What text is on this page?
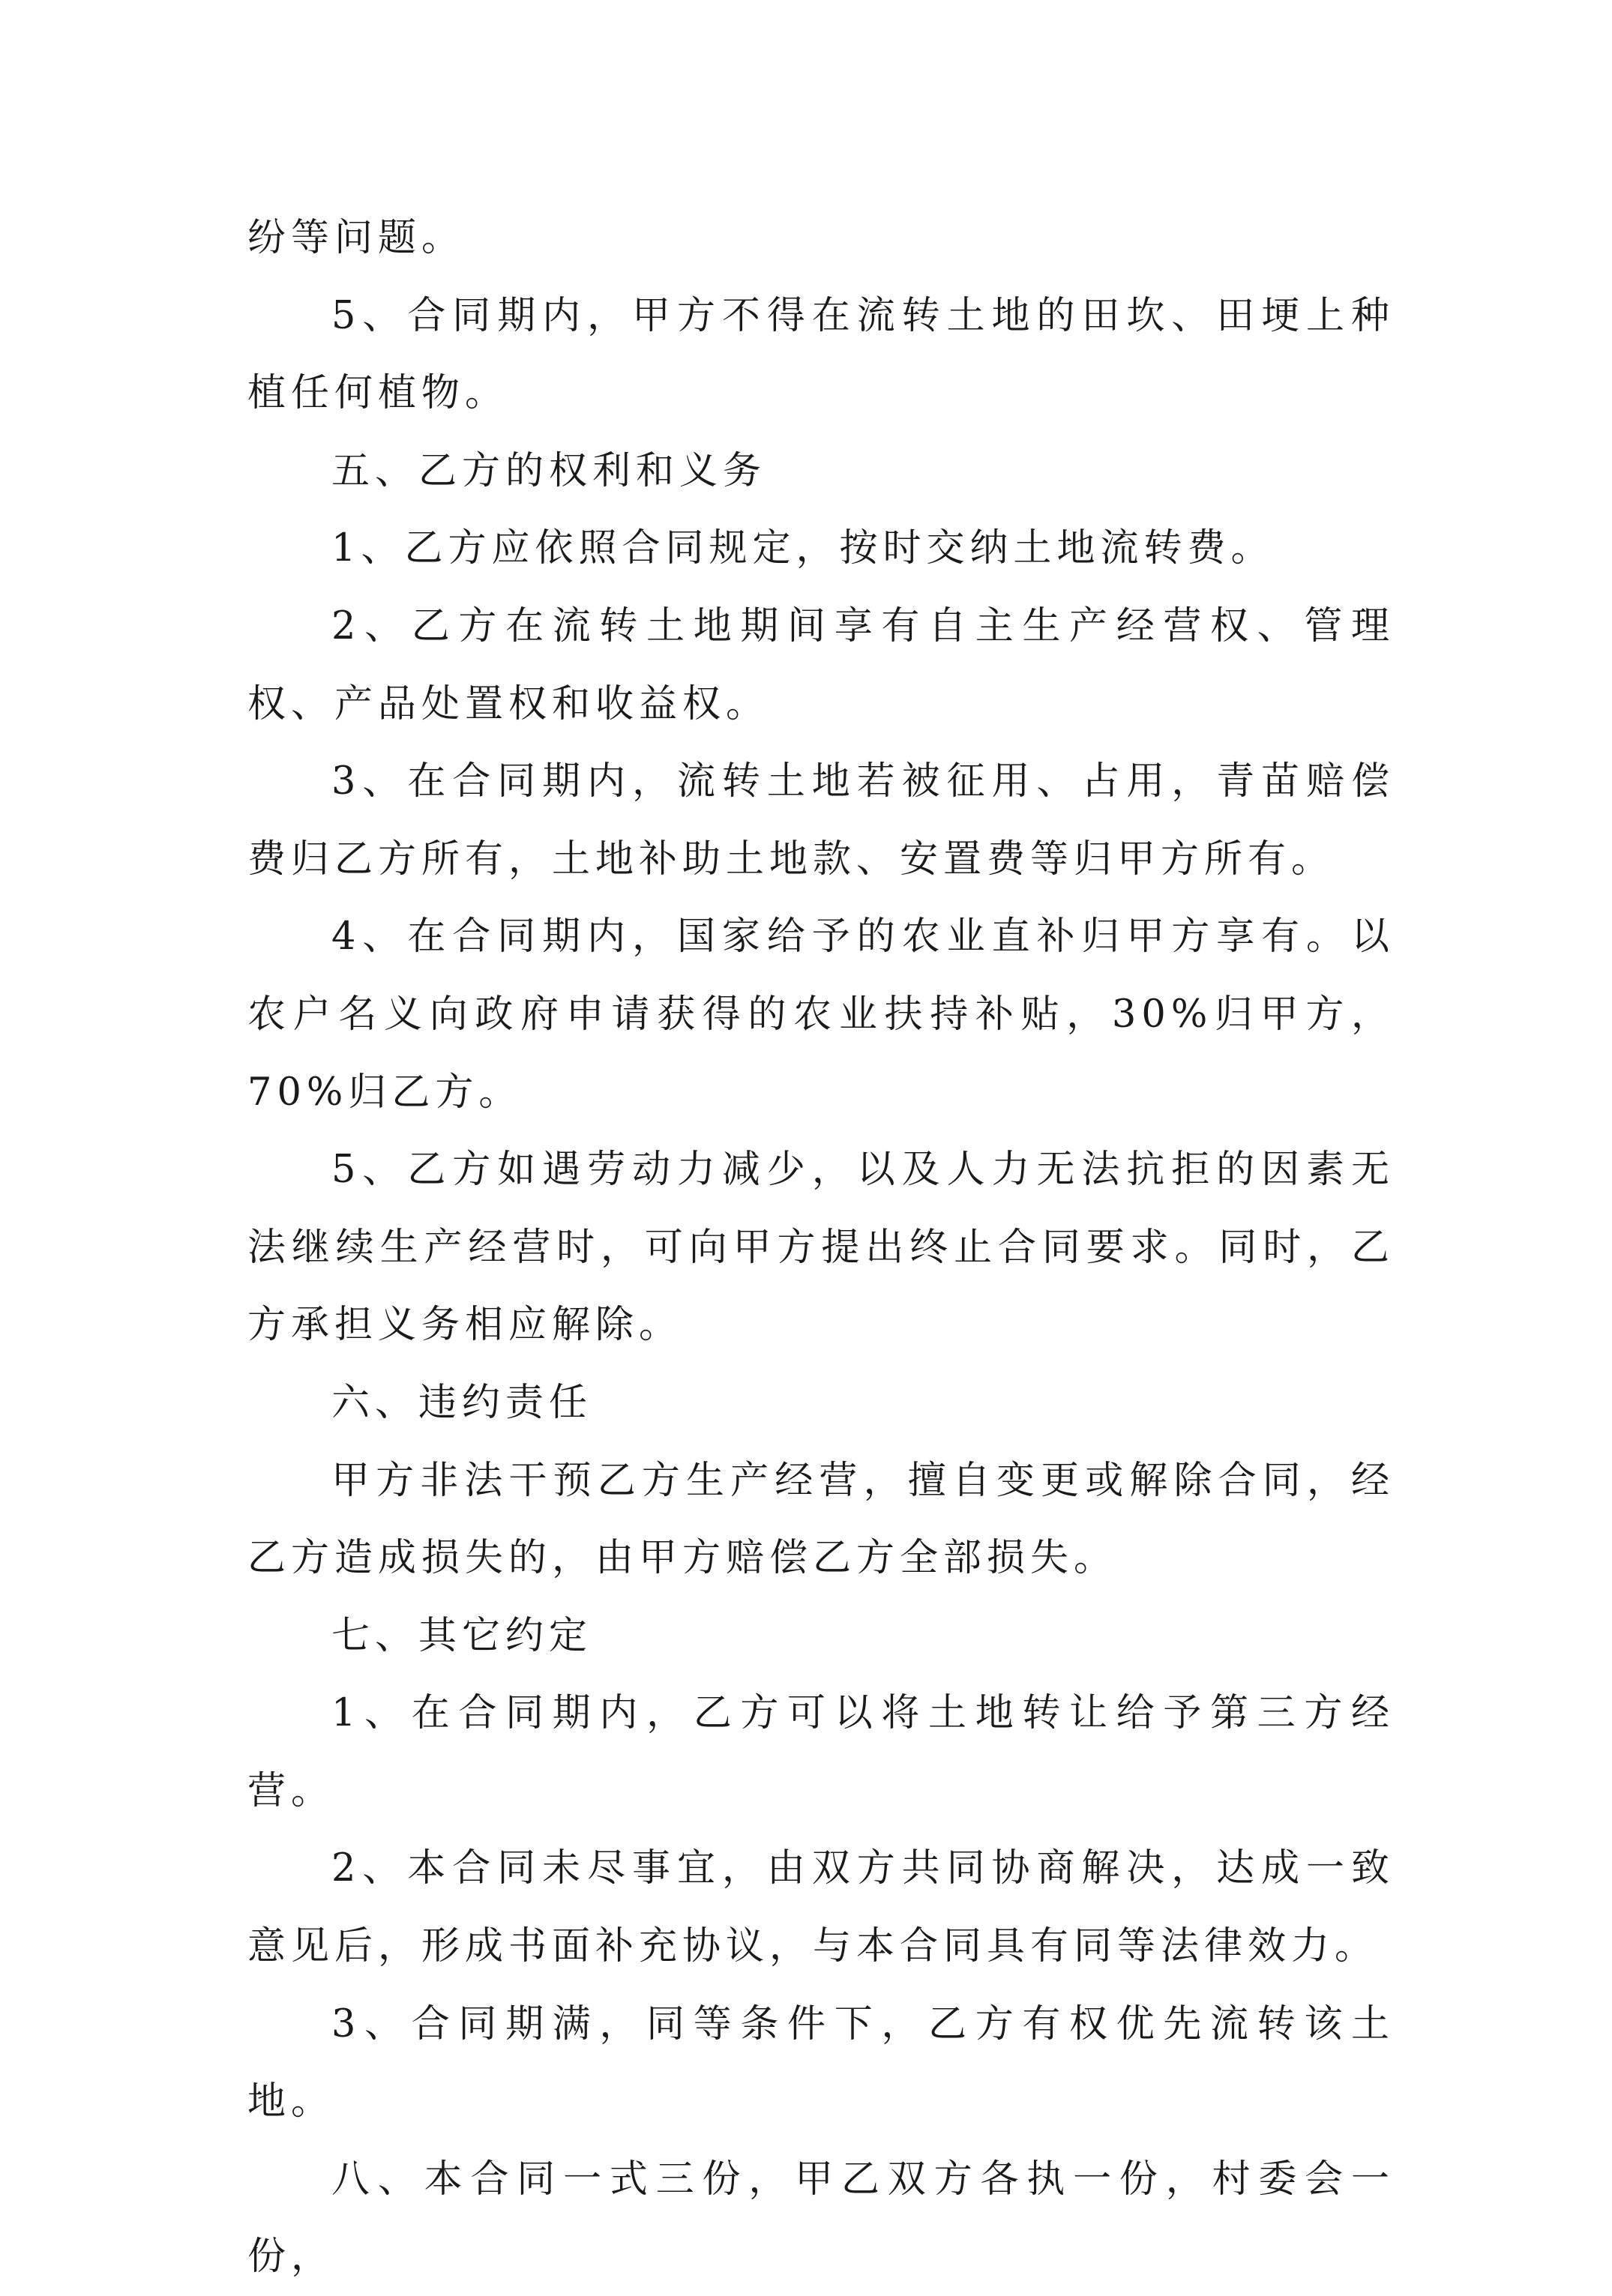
纷等问题。

5、合同期内，甲方不得在流转土地的田坎、田埂上种植任何植物。

五、乙方的权利和义务

1、乙方应依照合同规定，按时交纳土地流转费。

2、乙方在流转土地期间享有自主生产经营权、管理权、产品处置权和收益权。

3、在合同期内，流转土地若被征用、占用，青苗赔偿费归乙方所有，土地补助土地款、安置费等归甲方所有。

4、在合同期内，国家给予的农业直补归甲方享有。以农户名义向政府申请获得的农业扶持补贴，30%归甲方，70%归乙方。

5、乙方如遇劳动力减少，以及人力无法抗拒的因素无法继续生产经营时，可向甲方提出终止合同要求。同时，乙方承担义务相应解除。

六、违约责任

甲方非法干预乙方生产经营，擅自变更或解除合同，经乙方造成损失的，由甲方赔偿乙方全部损失。

七、其它约定

1、在合同期内，乙方可以将土地转让给予第三方经营。

2、本合同未尽事宜，由双方共同协商解决，达成一致意见后，形成书面补充协议，与本合同具有同等法律效力。

3、合同期满，同等条件下，乙方有权优先流转该土地。

八、本合同一式三份，甲乙双方各执一份，村委会一份，
